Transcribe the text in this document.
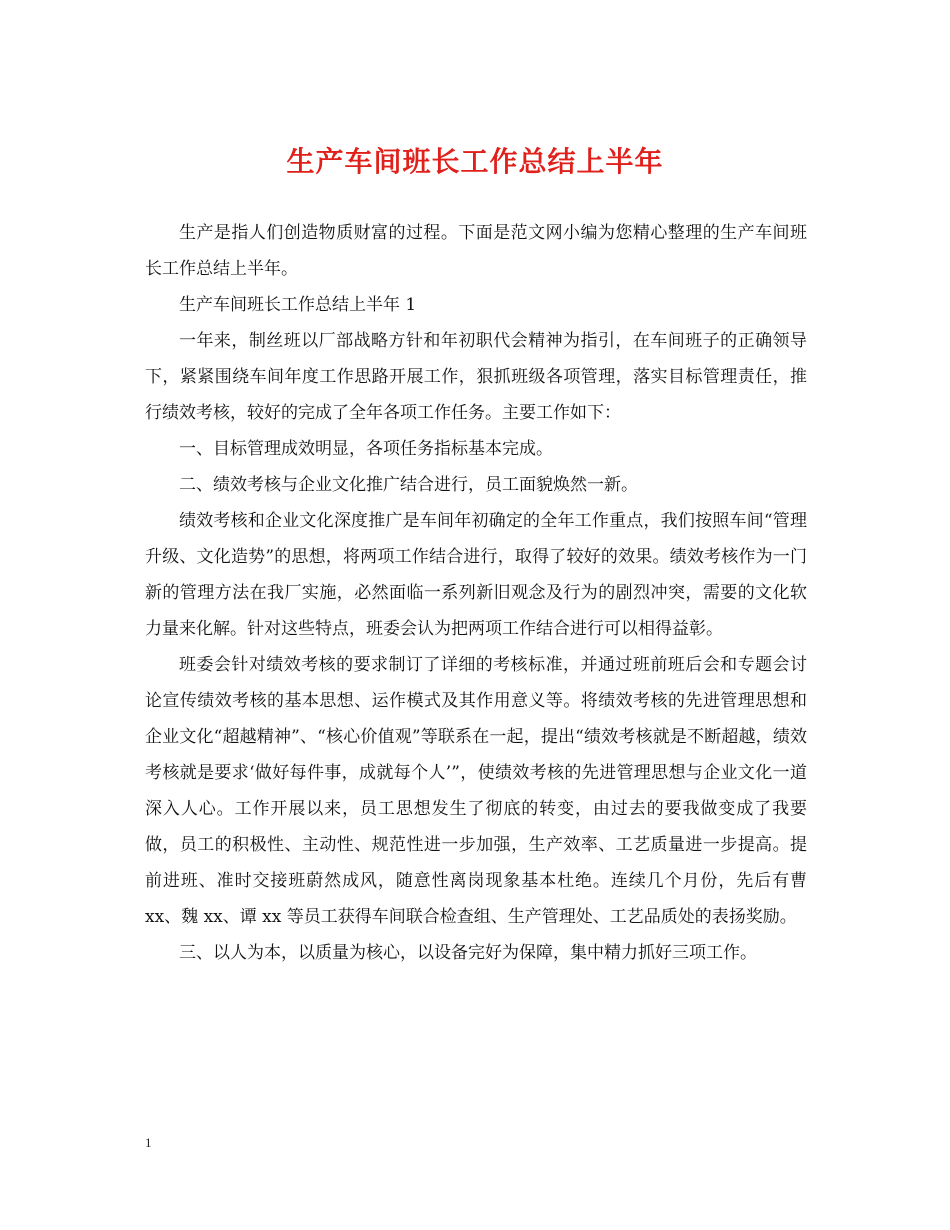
生产车间班长工作总结上半年

生产是指人们创造物质财富的过程。下面是范文网小编为您精心整理的生产车间班长工作总结上半年。

生产车间班长工作总结上半年 1

一年来，制丝班以厂部战略方针和年初职代会精神为指引，在车间班子的正确领导下，紧紧围绕车间年度工作思路开展工作，狠抓班级各项管理，落实目标管理责任，推行绩效考核，较好的完成了全年各项工作任务。主要工作如下：

一、目标管理成效明显，各项任务指标基本完成。

二、绩效考核与企业文化推广结合进行，员工面貌焕然一新。

绩效考核和企业文化深度推广是车间年初确定的全年工作重点，我们按照车间“管理升级、文化造势”的思想，将两项工作结合进行，取得了较好的效果。绩效考核作为一门新的管理方法在我厂实施，必然面临一系列新旧观念及行为的剧烈冲突，需要的文化软力量来化解。针对这些特点，班委会认为把两项工作结合进行可以相得益彰。

班委会针对绩效考核的要求制订了详细的考核标准，并通过班前班后会和专题会讨论宣传绩效考核的基本思想、运作模式及其作用意义等。将绩效考核的先进管理思想和企业文化“超越精神”、“核心价值观”等联系在一起，提出“绩效考核就是不断超越，绩效考核就是要求‘做好每件事，成就每个人’”，使绩效考核的先进管理思想与企业文化一道深入人心。工作开展以来，员工思想发生了彻底的转变，由过去的要我做变成了我要做，员工的积极性、主动性、规范性进一步加强，生产效率、工艺质量进一步提高。提前进班、准时交接班蔚然成风，随意性离岗现象基本杜绝。连续几个月份，先后有曹 xx、魏 xx、谭 xx 等员工获得车间联合检查组、生产管理处、工艺品质处的表扬奖励。

三、以人为本，以质量为核心，以设备完好为保障，集中精力抓好三项工作。

1
